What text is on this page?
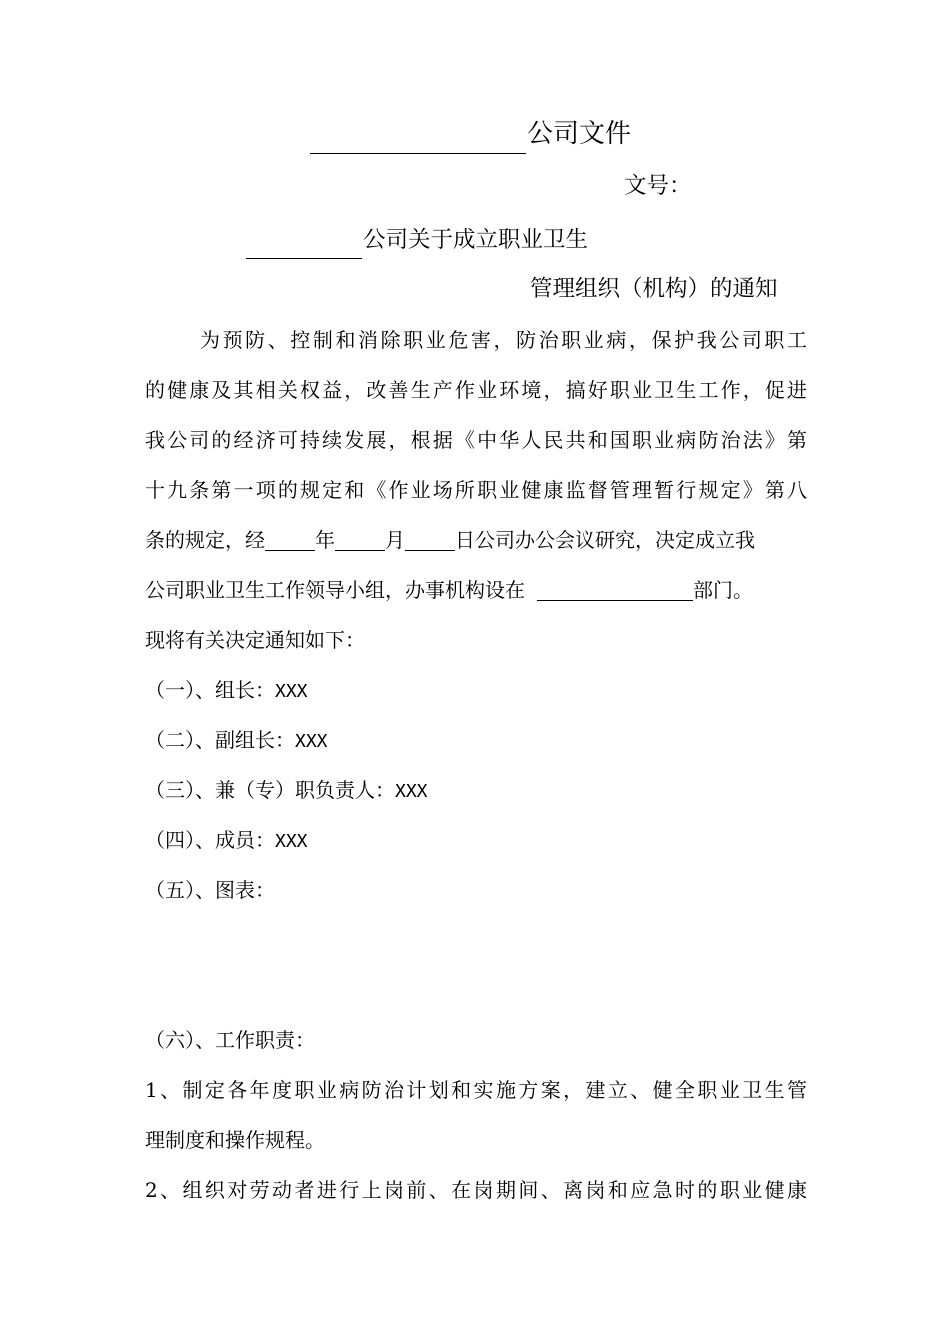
公司文件
文号：
公司关于成立职业卫生
管理组织（机构）的通知
为预防、控制和消除职业危害，防治职业病，保护我公司职工
的健康及其相关权益，改善生产作业环境，搞好职业卫生工作，促进
我公司的经济可持续发展，根据《中华人民共和国职业病防治法》第
十九条第一项的规定和《作业场所职业健康监督管理暂行规定》第八
条的规定，经	年	月	日公司办公会议研究，决定成立我
公司职业卫生工作领导小组，办事机构设在	部门。
现将有关决定通知如下：
（一）、组长：XXX
（二）、副组长：XXX
（三）、兼（专）职负责人：XXX
（四）、成员：XXX
（五）、图表：
（六）、工作职责：
1、制定各年度职业病防治计划和实施方案，建立、健全职业卫生管
理制度和操作规程。
2、组织对劳动者进行上岗前、在岗期间、离岗和应急时的职业健康
